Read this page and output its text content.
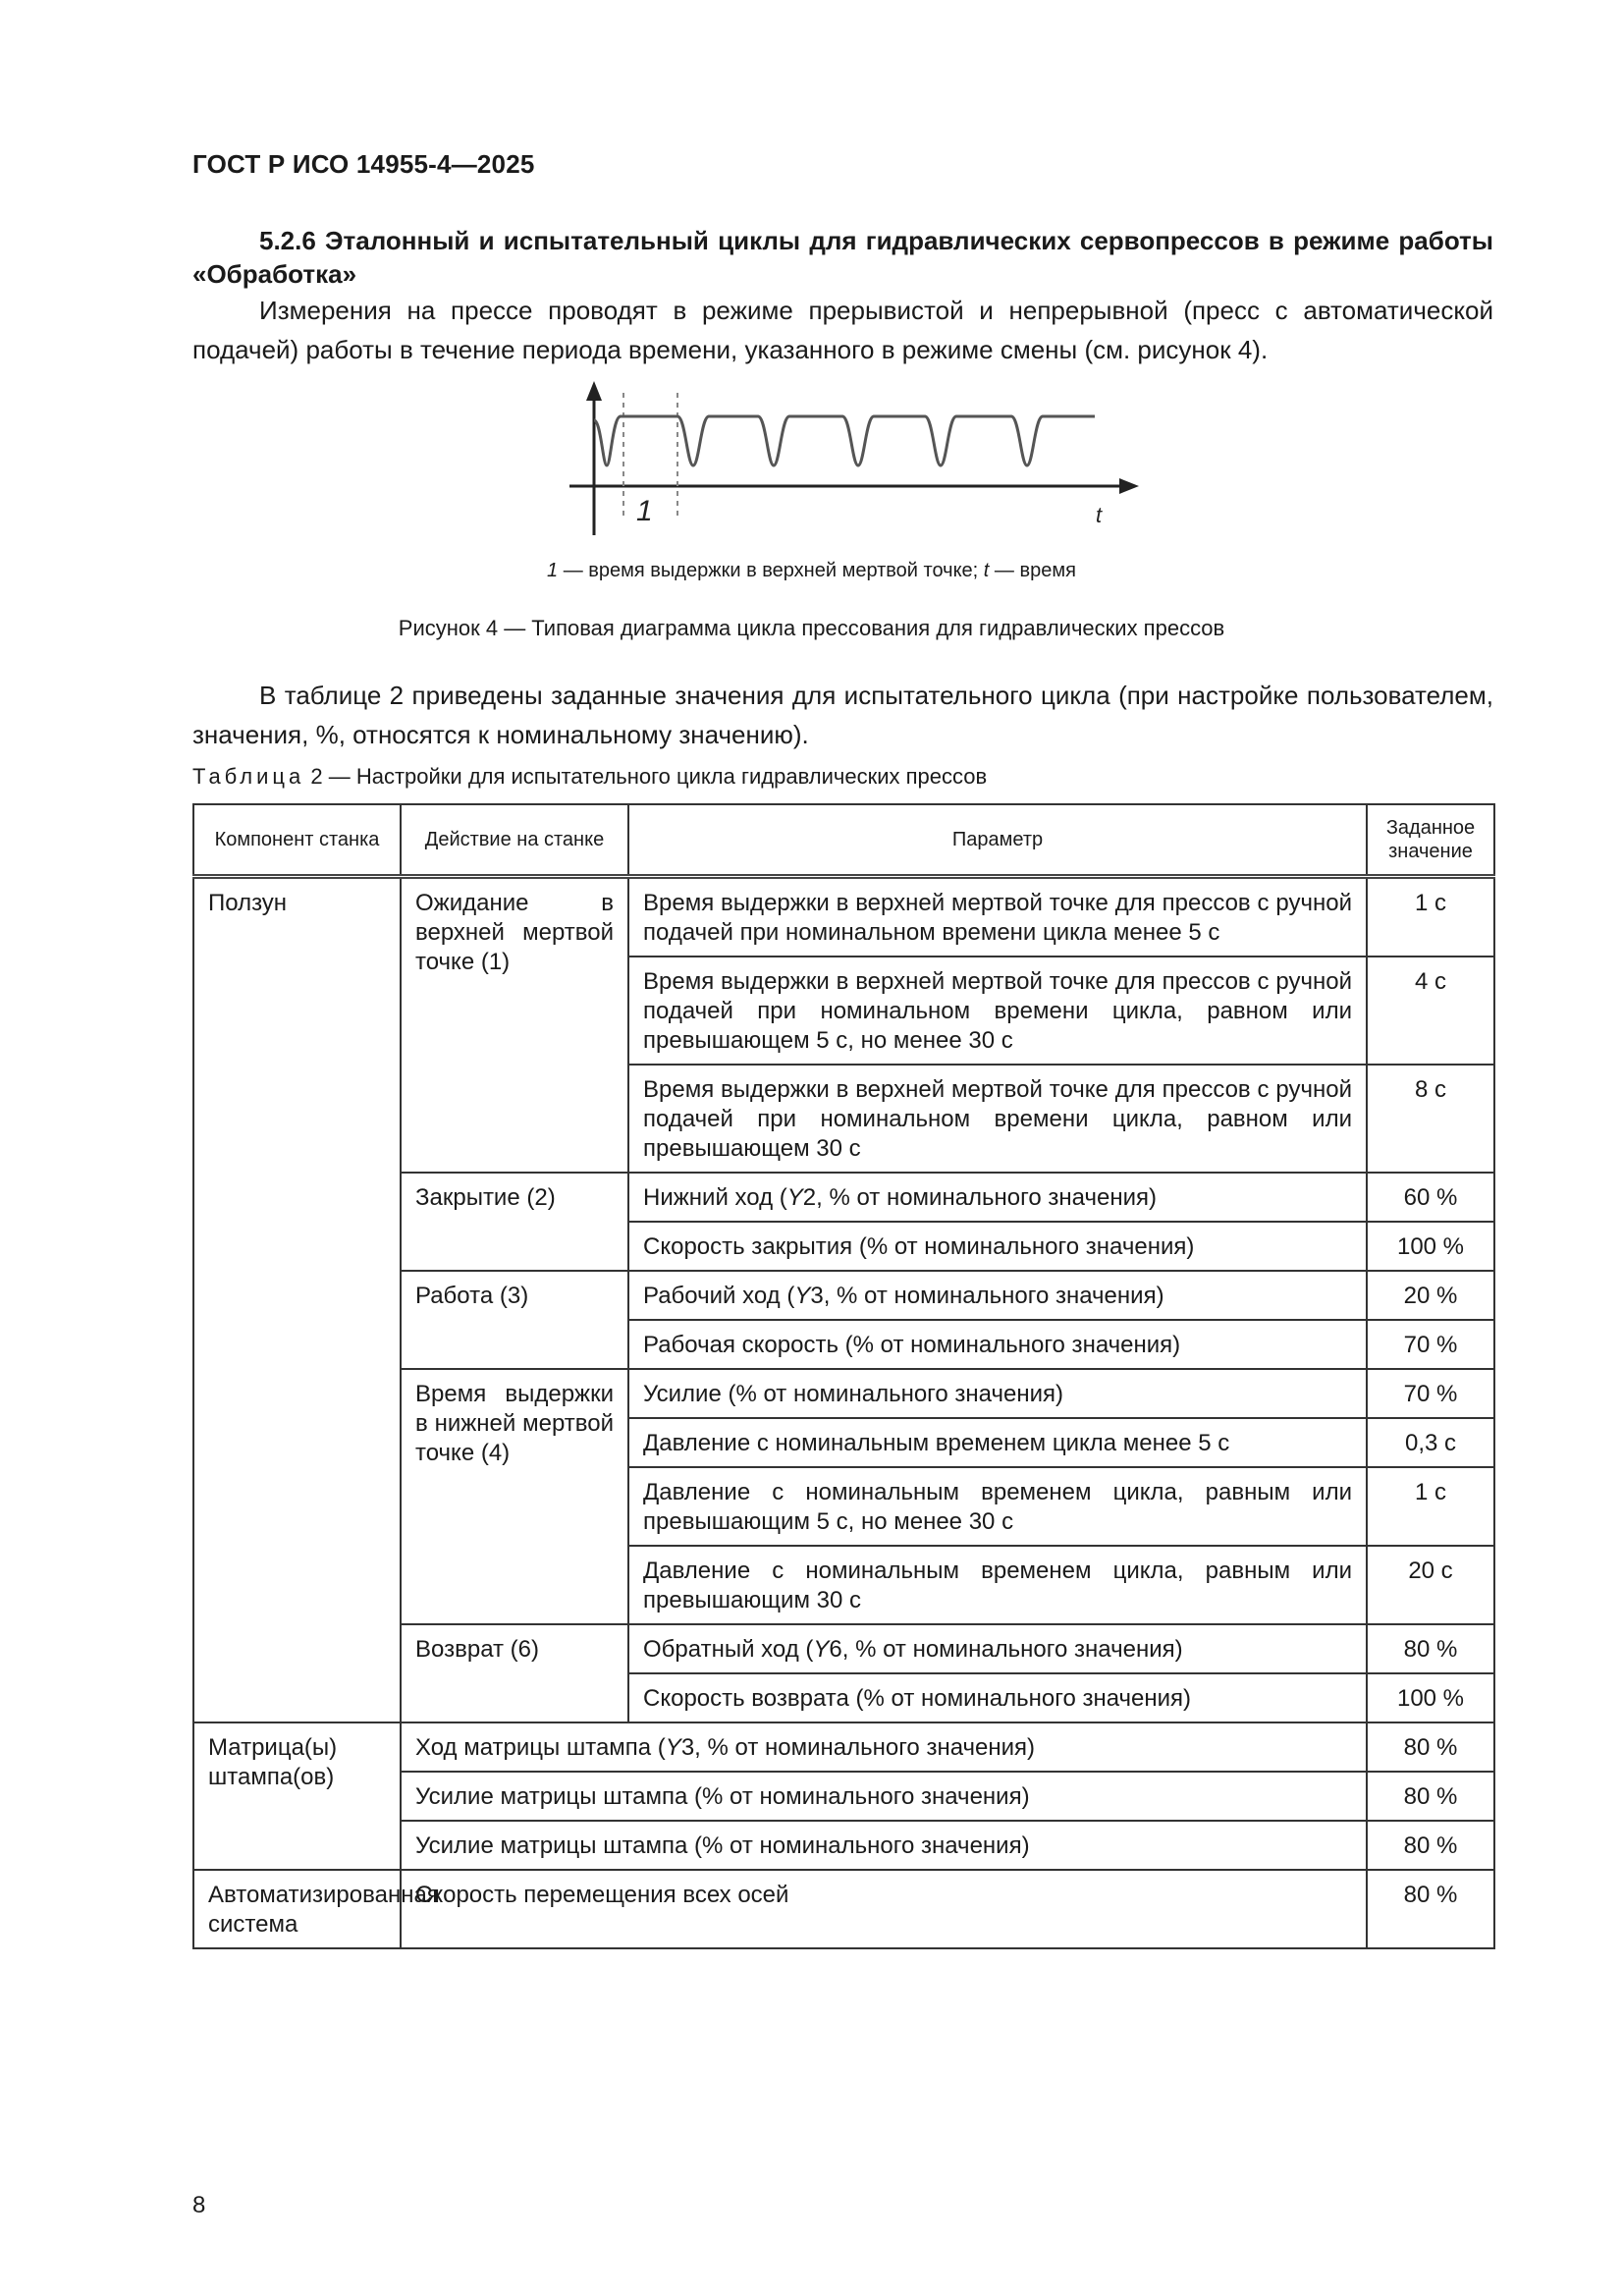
ГОСТ Р ИСО 14955-4—2025
5.2.6 Эталонный и испытательный циклы для гидравлических сервопрессов в режиме работы «Обработка»
Измерения на прессе проводят в режиме прерывистой и непрерывной (пресс с автоматической подачей) работы в течение периода времени, указанного в режиме смены (см. рисунок 4).
1	t
1 — время выдержки в верхней мертвой точке; t — время
Рисунок 4 — Типовая диаграмма цикла прессования для гидравлических прессов
В таблице 2 приведены заданные значения для испытательного цикла (при настройке пользователем, значения, %, относятся к номинальному значению).
Таблица 2 — Настройки для испытательного цикла гидравлических прессов
Компонент станка	Действие на станке	Параметр	Заданное значение
Ползун	Ожидание в верхней мертвой точке (1)	Время выдержки в верхней мертвой точке для прессов с ручной подачей при номинальном времени цикла менее 5 с	1 с
		Время выдержки в верхней мертвой точке для прессов с ручной подачей при номинальном времени цикла, равном или превышающем 5 с, но менее 30 с	4 с
		Время выдержки в верхней мертвой точке для прессов с ручной подачей при номинальном времени цикла, равном или превышающем 30 с	8 с
	Закрытие (2)	Нижний ход (Y2, % от номинального значения)	60 %
		Скорость закрытия (% от номинального значения)	100 %
	Работа (3)	Рабочий ход (Y3, % от номинального значения)	20 %
		Рабочая скорость (% от номинального значения)	70 %
	Время выдержки в нижней мертвой точке (4)	Усилие (% от номинального значения)	70 %
		Давление с номинальным временем цикла менее 5 с	0,3 с
		Давление с номинальным временем цикла, равным или превышающим 5 с, но менее 30 с	1 с
		Давление с номинальным временем цикла, равным или превышающим 30 с	20 с
	Возврат (6)	Обратный ход (Y6, % от номинального значения)	80 %
		Скорость возврата (% от номинального значения)	100 %
Матрица(ы) штампа(ов)	Ход матрицы штампа (Y3, % от номинального значения)		80 %
	Усилие матрицы штампа (% от номинального значения)		80 %
	Усилие матрицы штампа (% от номинального значения)		80 %
Автоматизированная система	Скорость перемещения всех осей		80 %
8
